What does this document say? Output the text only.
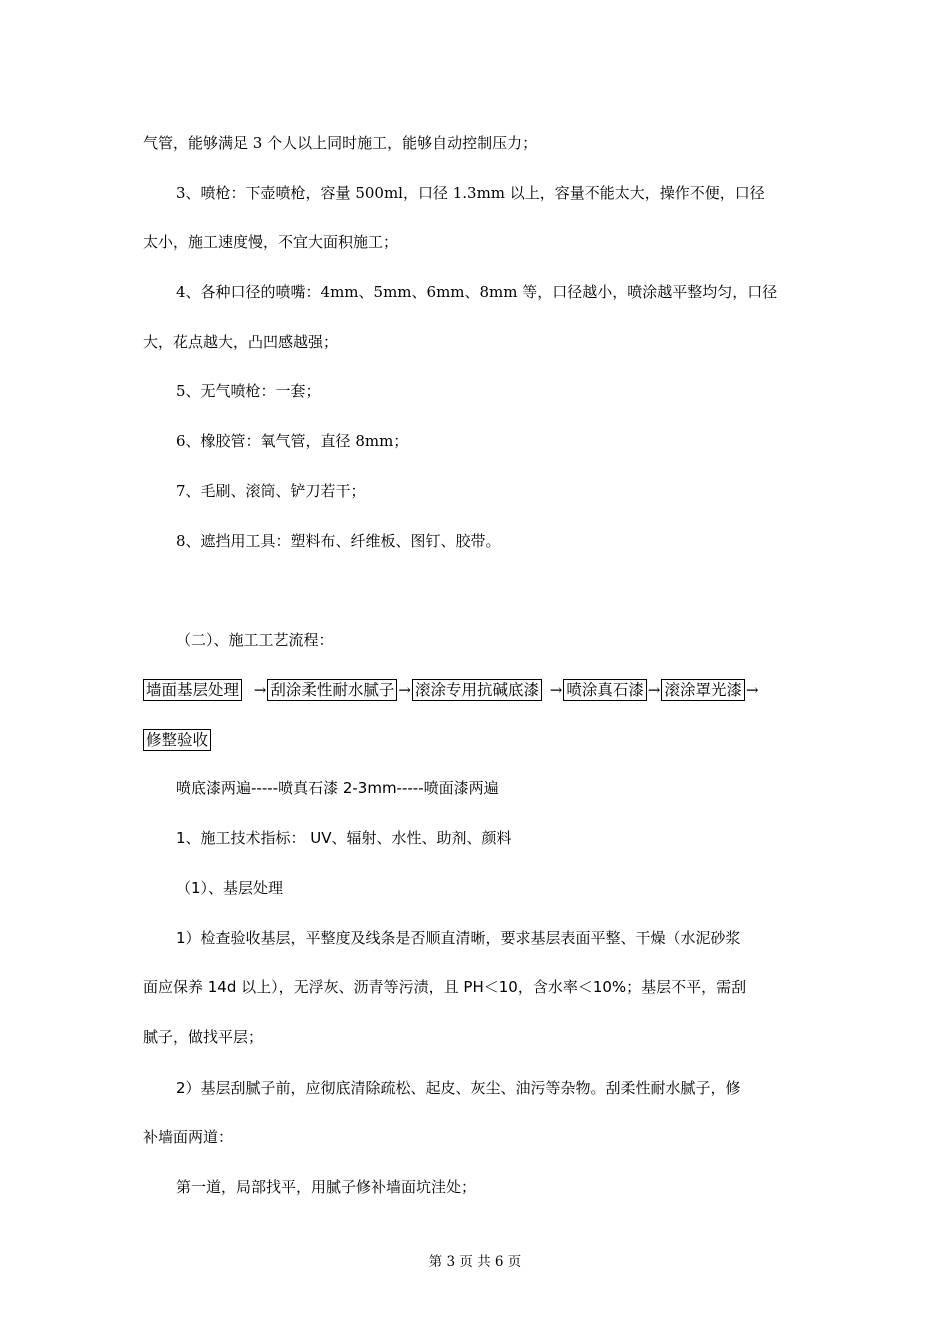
气管，能够满足 3 个人以上同时施工，能够自动控制压力；
3、喷枪：下壶喷枪，容量 500ml，口径 1.3mm 以上，容量不能太大，操作不便，口径
太小，施工速度慢，不宜大面积施工；
4、各种口径的喷嘴：4mm、5mm、6mm、8mm 等，口径越小，喷涂越平整均匀，口径
大，花点越大，凸凹感越强；
5、无气喷枪：一套；
6、橡胶管：氧气管，直径 8mm；
7、毛刷、滚筒、铲刀若干；
8、遮挡用工具：塑料布、纤维板、图钉、胶带。
（二）、施工工艺流程：
墙面基层处理 → 刮涂柔性耐水腻子 → 滚涂专用抗碱底漆 → 喷涂真石漆 → 滚涂罩光漆 →
修整验收
喷底漆两遍-----喷真石漆 2-3mm-----喷面漆两遍
1、施工技术指标： UV、辐射、水性、助剂、颜料
（1）、基层处理
1）检查验收基层，平整度及线条是否顺直清晰，要求基层表面平整、干燥（水泥砂浆
面应保养 14d 以上），无浮灰、沥青等污渍，且 PH＜10，含水率＜10%；基层不平，需刮
腻子，做找平层；
2）基层刮腻子前，应彻底清除疏松、起皮、灰尘、油污等杂物。刮柔性耐水腻子，修
补墙面两道：
第一道，局部找平，用腻子修补墙面坑洼处；
第 3 页 共 6 页
